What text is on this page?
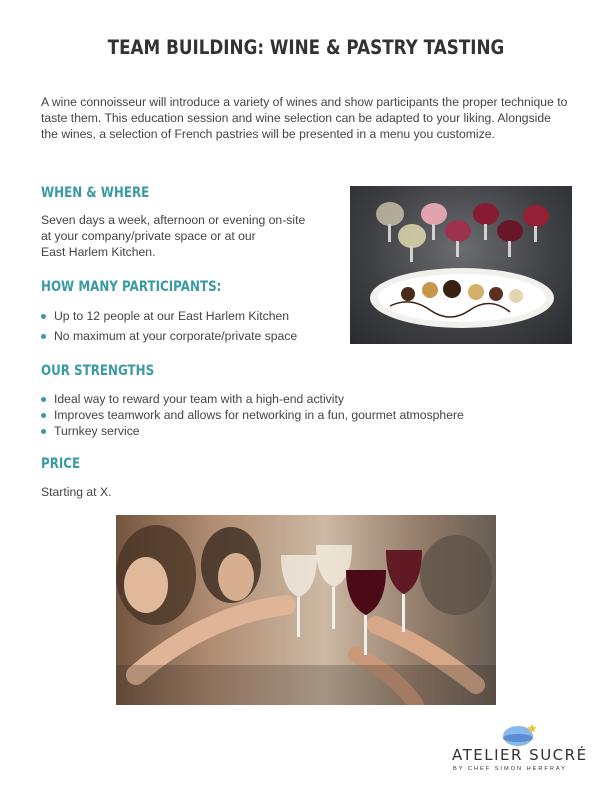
TEAM BUILDING: WINE & PASTRY TASTING
A wine connoisseur will introduce a variety of wines and show participants the proper technique to taste them. This education session and wine selection can be adapted to your liking. Alongside the wines, a selection of French pastries will be presented in a menu you customize.
WHEN & WHERE
Seven days a week, afternoon or evening on-site
at your company/private space or at our
East Harlem Kitchen.
HOW MANY PARTICIPANTS:
Up to 12 people at our East Harlem Kitchen
No maximum at your corporate/private space
OUR STRENGTHS
Ideal way to reward your team with a high-end activity
Improves teamwork and allows for networking in a fun, gourmet atmosphere
Turnkey service
PRICE
Starting at X.
ATELIER SUCRÉ
BY CHEF SIMON HERFRAY
